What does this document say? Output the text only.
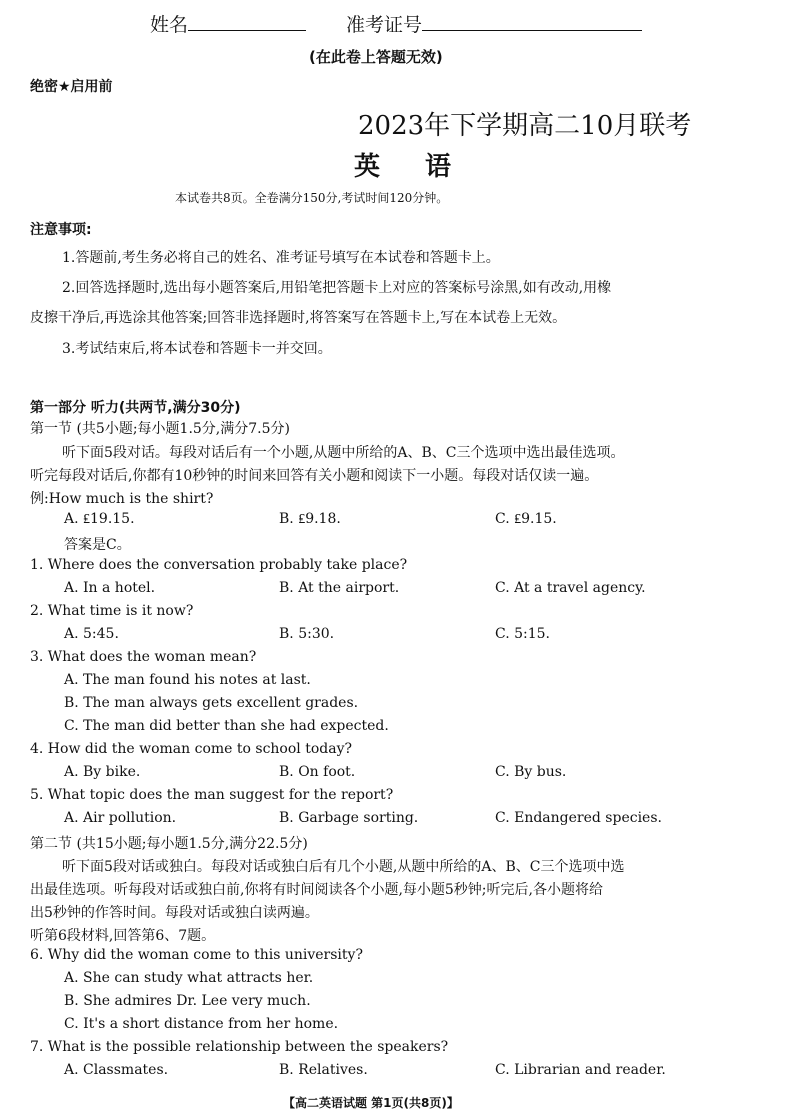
姓名	准考证号
(在此卷上答题无效)
绝密★启用前
2023年下学期高二10月联考
英 语
本试卷共8页。全卷满分150分,考试时间120分钟。
注意事项:
1.答题前,考生务必将自己的姓名、准考证号填写在本试卷和答题卡上。
2.回答选择题时,选出每小题答案后,用铅笔把答题卡上对应的答案标号涂黑,如有改动,用橡
皮擦干净后,再选涂其他答案;回答非选择题时,将答案写在答题卡上,写在本试卷上无效。
3.考试结束后,将本试卷和答题卡一并交回。
第一部分 听力(共两节,满分30分)
第一节 (共5小题;每小题1.5分,满分7.5分)
听下面5段对话。每段对话后有一个小题,从题中所给的A、B、C三个选项中选出最佳选项。
听完每段对话后,你都有10秒钟的时间来回答有关小题和阅读下一小题。每段对话仅读一遍。
例:How much is the shirt?
A. ₤19.15.	B. ₤9.18.	C. ₤9.15.
答案是C。
1. Where does the conversation probably take place?
A. In a hotel.	B. At the airport.	C. At a travel agency.
2. What time is it now?
A. 5:45.	B. 5:30.	C. 5:15.
3. What does the woman mean?
A. The man found his notes at last.
B. The man always gets excellent grades.
C. The man did better than she had expected.
4. How did the woman come to school today?
A. By bike.	B. On foot.	C. By bus.
5. What topic does the man suggest for the report?
A. Air pollution.	B. Garbage sorting.	C. Endangered species.
第二节 (共15小题;每小题1.5分,满分22.5分)
听下面5段对话或独白。每段对话或独白后有几个小题,从题中所给的A、B、C三个选项中选
出最佳选项。听每段对话或独白前,你将有时间阅读各个小题,每小题5秒钟;听完后,各小题将给
出5秒钟的作答时间。每段对话或独白读两遍。
听第6段材料,回答第6、7题。
6. Why did the woman come to this university?
A. She can study what attracts her.
B. She admires Dr. Lee very much.
C. It's a short distance from her home.
7. What is the possible relationship between the speakers?
A. Classmates.	B. Relatives.	C. Librarian and reader.
【高二英语试题 第1页(共8页)】
